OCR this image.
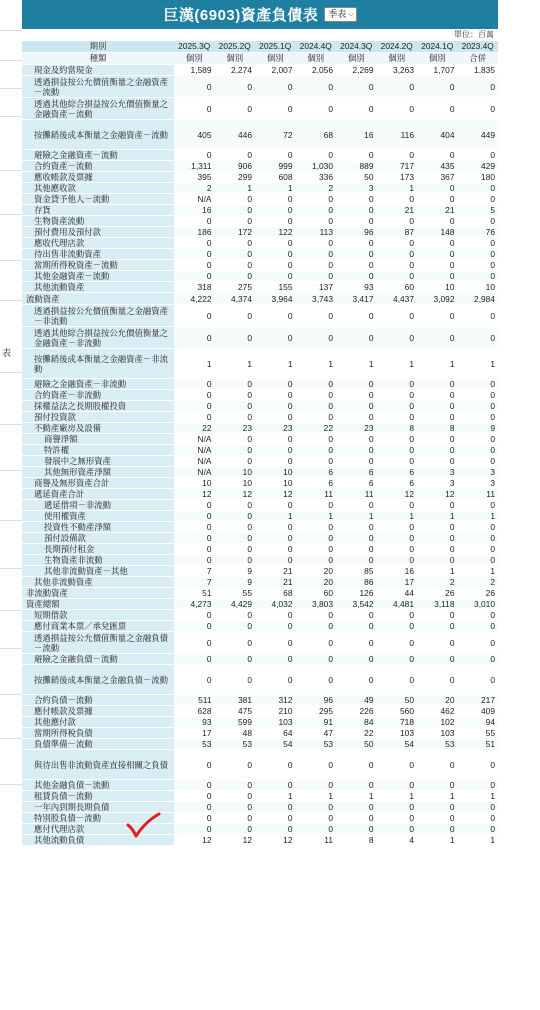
表
巨漢(6903)資產負債表 季表 ⌵
單位：百萬
期別	2025.3Q	2025.2Q	2025.1Q	2024.4Q	2024.3Q	2024.2Q	2024.1Q	2023.4Q
種類	個別	個別	個別	個別	個別	個別	個別	合併
現金及約當現金	1,589	2,274	2,007	2,056	2,269	3,263	1,707	1,835
透過損益按公允價值衡量之金融資產－流動	0	0	0	0	0	0	0	0
透過其他綜合損益按公允價值衡量之金融資產－流動	0	0	0	0	0	0	0	0
按攤銷後成本衡量之金融資產－流動	405	446	72	68	16	116	404	449
避險之金融資產－流動	0	0	0	0	0	0	0	0
合約資產－流動	1,311	906	999	1,030	889	717	435	429
應收帳款及票據	395	299	608	336	50	173	367	180
其他應收款	2	1	1	2	3	1	0	0
資金貸予他人－流動	N/A	0	0	0	0	0	0	0
存貨	16	0	0	0	0	21	21	5
生物資產流動	0	0	0	0	0	0	0	0
預付費用及預付款	186	172	122	113	96	87	148	76
應收代理店款	0	0	0	0	0	0	0	0
待出售非流動資產	0	0	0	0	0	0	0	0
當期所得稅資產－流動	0	0	0	0	0	0	0	0
其他金融資產－流動	0	0	0	0	0	0	0	0
其他流動資產	318	275	155	137	93	60	10	10
流動資產	4,222	4,374	3,964	3,743	3,417	4,437	3,092	2,984
透過損益按公允價值衡量之金融資產－非流動	0	0	0	0	0	0	0	0
透過其他綜合損益按公允價值衡量之金融資產－非流動	0	0	0	0	0	0	0	0
按攤銷後成本衡量之金融資產－非流動	1	1	1	1	1	1	1	1
避險之金融資產－非流動	0	0	0	0	0	0	0	0
合約資產－非流動	0	0	0	0	0	0	0	0
採權益法之長期股權投資	0	0	0	0	0	0	0	0
預付投資款	0	0	0	0	0	0	0	0
不動產廠房及設備	22	23	23	22	23	8	8	9
商譽淨額	N/A	0	0	0	0	0	0	0
特許權	N/A	0	0	0	0	0	0	0
發展中之無形資產	N/A	0	0	0	0	0	0	0
其他無形資產淨額	N/A	10	10	6	6	6	3	3
商譽及無形資產合計	10	10	10	6	6	6	3	3
遞延資產合計	12	12	12	11	11	12	12	11
遞延借項－非流動	0	0	0	0	0	0	0	0
使用權資產	0	0	1	1	1	1	1	1
投資性不動產淨額	0	0	0	0	0	0	0	0
預付設備款	0	0	0	0	0	0	0	0
長期預付租金	0	0	0	0	0	0	0	0
生物資產非流動	0	0	0	0	0	0	0	0
其他非流動資產－其他	7	9	21	20	85	16	1	1
其他非流動資產	7	9	21	20	86	17	2	2
非流動資產	51	55	68	60	126	44	26	26
資產總額	4,273	4,429	4,032	3,803	3,542	4,481	3,118	3,010
短期借款	0	0	0	0	0	0	0	0
應付商業本票／承兌匯票	0	0	0	0	0	0	0	0
透過損益按公允價值衡量之金融負債－流動	0	0	0	0	0	0	0	0
避險之金融負債－流動	0	0	0	0	0	0	0	0
按攤銷後成本衡量之金融負債－流動	0	0	0	0	0	0	0	0
合約負債－流動	511	381	312	96	49	50	20	217
應付帳款及票據	628	475	210	295	226	560	462	409
其他應付款	93	599	103	91	84	718	102	94
當期所得稅負債	17	48	64	47	22	103	103	55
負債準備－流動	53	53	54	53	50	54	53	51
與待出售非流動資產直接相關之負債	0	0	0	0	0	0	0	0
其他金融負債－流動	0	0	0	0	0	0	0	0
租賃負債－流動	0	0	1	1	1	1	1	1
一年內到期長期負債	0	0	0	0	0	0	0	0
特別股負債－流動	0	0	0	0	0	0	0	0
應付代理店款	0	0	0	0	0	0	0	0
其他流動負債	12	12	12	11	8	4	1	1
